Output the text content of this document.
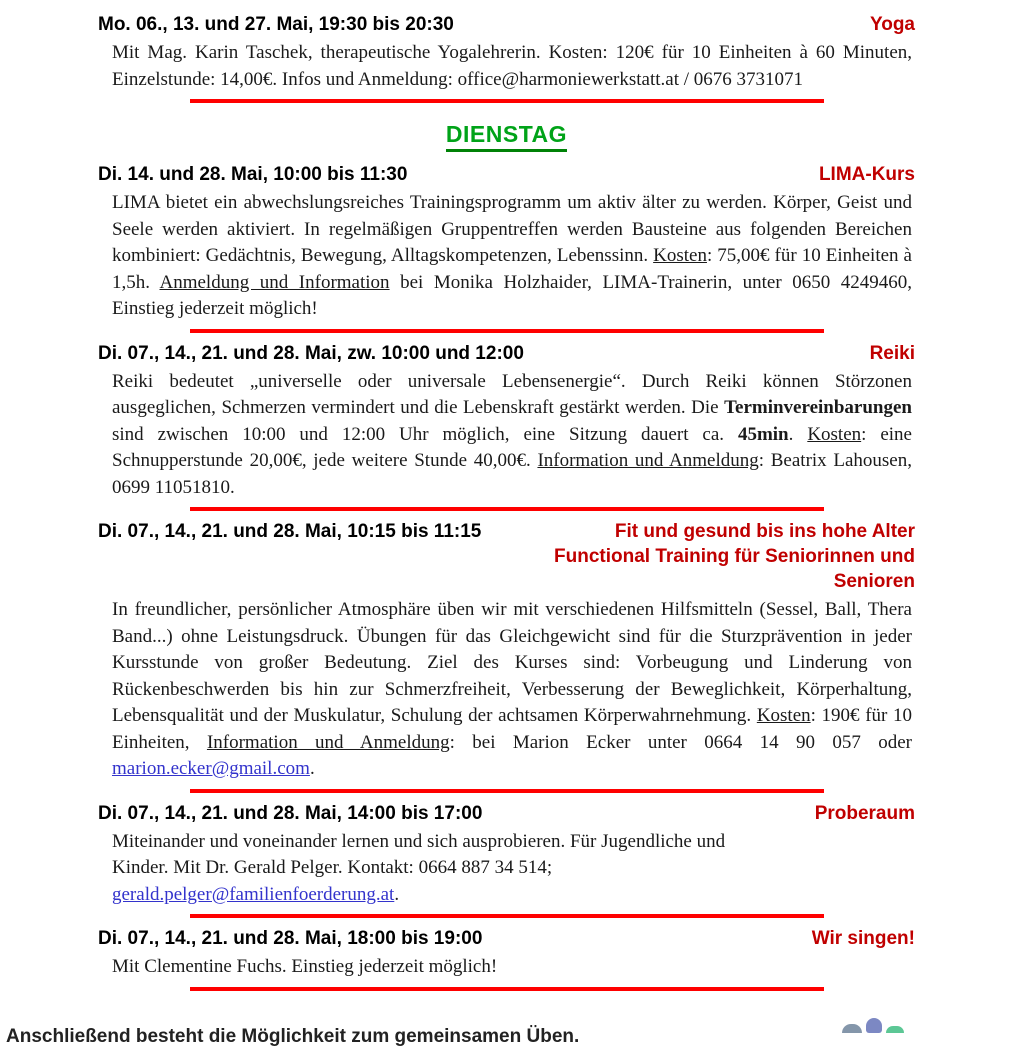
Mo. 06., 13. und 27. Mai, 19:30 bis 20:30	Yoga

Mit Mag. Karin Taschek, therapeutische Yogalehrerin. Kosten: 120€ für 10 Einheiten à 60 Minuten, Einzelstunde: 14,00€. Infos und Anmeldung: office@harmoniewerkstatt.at / 0676 3731071

DIENSTAG
Di. 14. und 28. Mai, 10:00 bis 11:30	LIMA-Kurs

LIMA bietet ein abwechslungsreiches Trainingsprogramm um aktiv älter zu werden. Körper, Geist und Seele werden aktiviert. In regelmäßigen Gruppentreffen werden Bausteine aus folgenden Bereichen kombiniert: Gedächtnis, Bewegung, Alltagskompetenzen, Lebenssinn. Kosten: 75,00€ für 10 Einheiten à 1,5h. Anmeldung und Information bei Monika Holzhaider, LIMA-Trainerin, unter 0650 4249460, Einstieg jederzeit möglich!

Di. 07., 14., 21. und 28. Mai, zw. 10:00 und 12:00	Reiki

Reiki bedeutet „universelle oder universale Lebensenergie“. Durch Reiki können Störzonen ausgeglichen, Schmerzen vermindert und die Lebenskraft gestärkt werden. Die Terminvereinbarungen sind zwischen 10:00 und 12:00 Uhr möglich, eine Sitzung dauert ca. 45min. Kosten: eine Schnupperstunde 20,00€, jede weitere Stunde 40,00€. Information und Anmeldung: Beatrix Lahousen, 0699 11051810.

Di. 07., 14., 21. und 28. Mai, 10:15 bis 11:15	Fit und gesund bis ins hohe Alter
Functional Training für Seniorinnen und Senioren

In freundlicher, persönlicher Atmosphäre üben wir mit verschiedenen Hilfsmitteln (Sessel, Ball, Thera Band...) ohne Leistungsdruck. Übungen für das Gleichgewicht sind für die Sturzprävention in jeder Kursstunde von großer Bedeutung. Ziel des Kurses sind: Vorbeugung und Linderung von Rückenbeschwerden bis hin zur Schmerzfreiheit, Verbesserung der Beweglichkeit, Körperhaltung, Lebensqualität und der Muskulatur, Schulung der achtsamen Körperwahrnehmung. Kosten: 190€ für 10 Einheiten, Information und Anmeldung: bei Marion Ecker unter 0664 14 90 057 oder marion.ecker@gmail.com.

Di. 07., 14., 21. und 28. Mai, 14:00 bis 17:00	Proberaum

Miteinander und voneinander lernen und sich ausprobieren. Für Jugendliche und
Kinder. Mit Dr. Gerald Pelger. Kontakt: 0664 887 34 514;
gerald.pelger@familienfoerderung.at.

Di. 07., 14., 21. und 28. Mai, 18:00 bis 19:00	Wir singen!

Mit Clementine Fuchs. Einstieg jederzeit möglich!

Anschließend besteht die Möglichkeit zum gemeinsamen Üben.
